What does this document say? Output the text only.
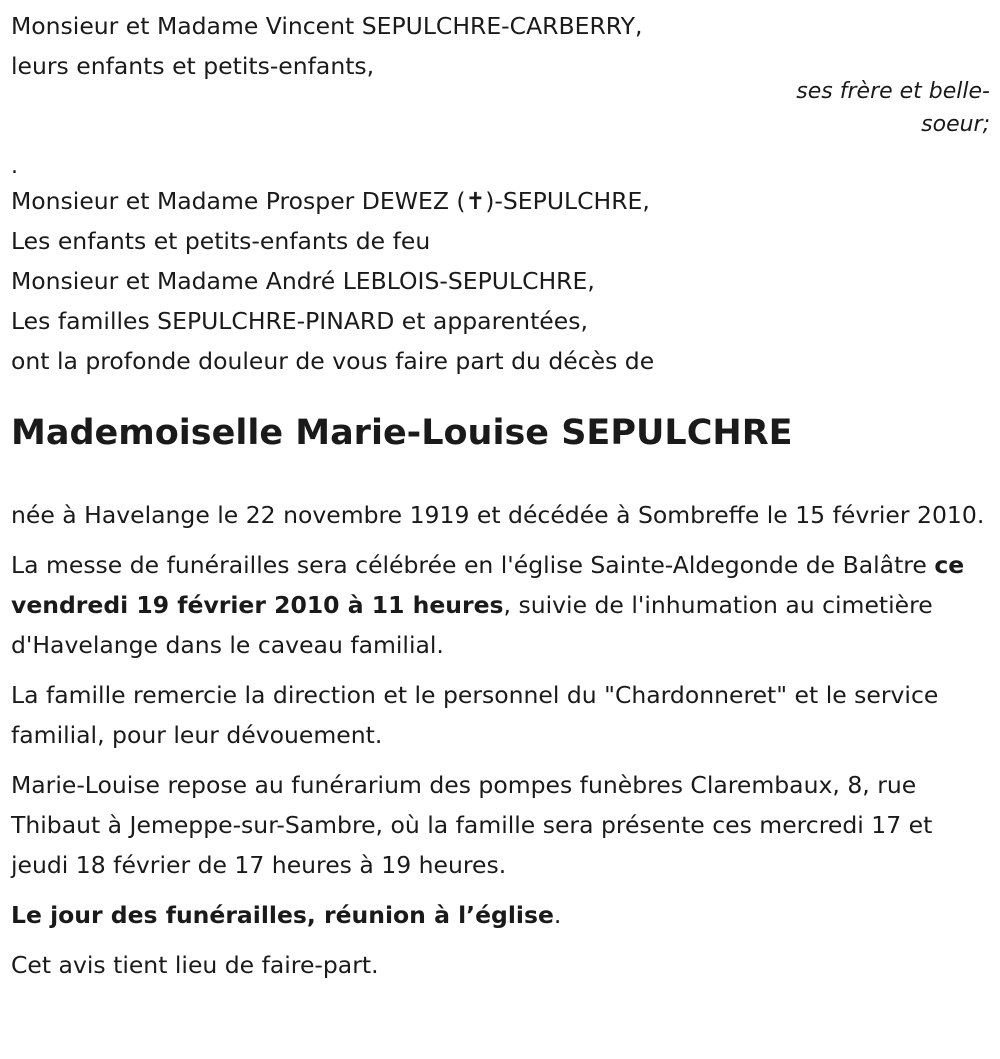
Monsieur et Madame Vincent SEPULCHRE-CARBERRY,

leurs enfants et petits-enfants,

ses frère et belle-
soeur;
.

Monsieur et Madame Prosper DEWEZ (✝)-SEPULCHRE,

Les enfants et petits-enfants de feu

Monsieur et Madame André LEBLOIS-SEPULCHRE,

Les familles SEPULCHRE-PINARD et apparentées,

ont la profonde douleur de vous faire part du décès de

Mademoiselle Marie-Louise SEPULCHRE

née à Havelange le 22 novembre 1919 et décédée à Sombreffe le 15 février 2010.

La messe de funérailles sera célébrée en l'église Sainte-Aldegonde de Balâtre ce vendredi 19 février 2010 à 11 heures, suivie de l'inhumation au cimetière d'Havelange dans le caveau familial.

La famille remercie la direction et le personnel du "Chardonneret" et le service familial, pour leur dévouement.

Marie-Louise repose au funérarium des pompes funèbres Clarembaux, 8, rue Thibaut à Jemeppe-sur-Sambre, où la famille sera présente ces mercredi 17 et jeudi 18 février de 17 heures à 19 heures.

Le jour des funérailles, réunion à l’église.

Cet avis tient lieu de faire-part.
